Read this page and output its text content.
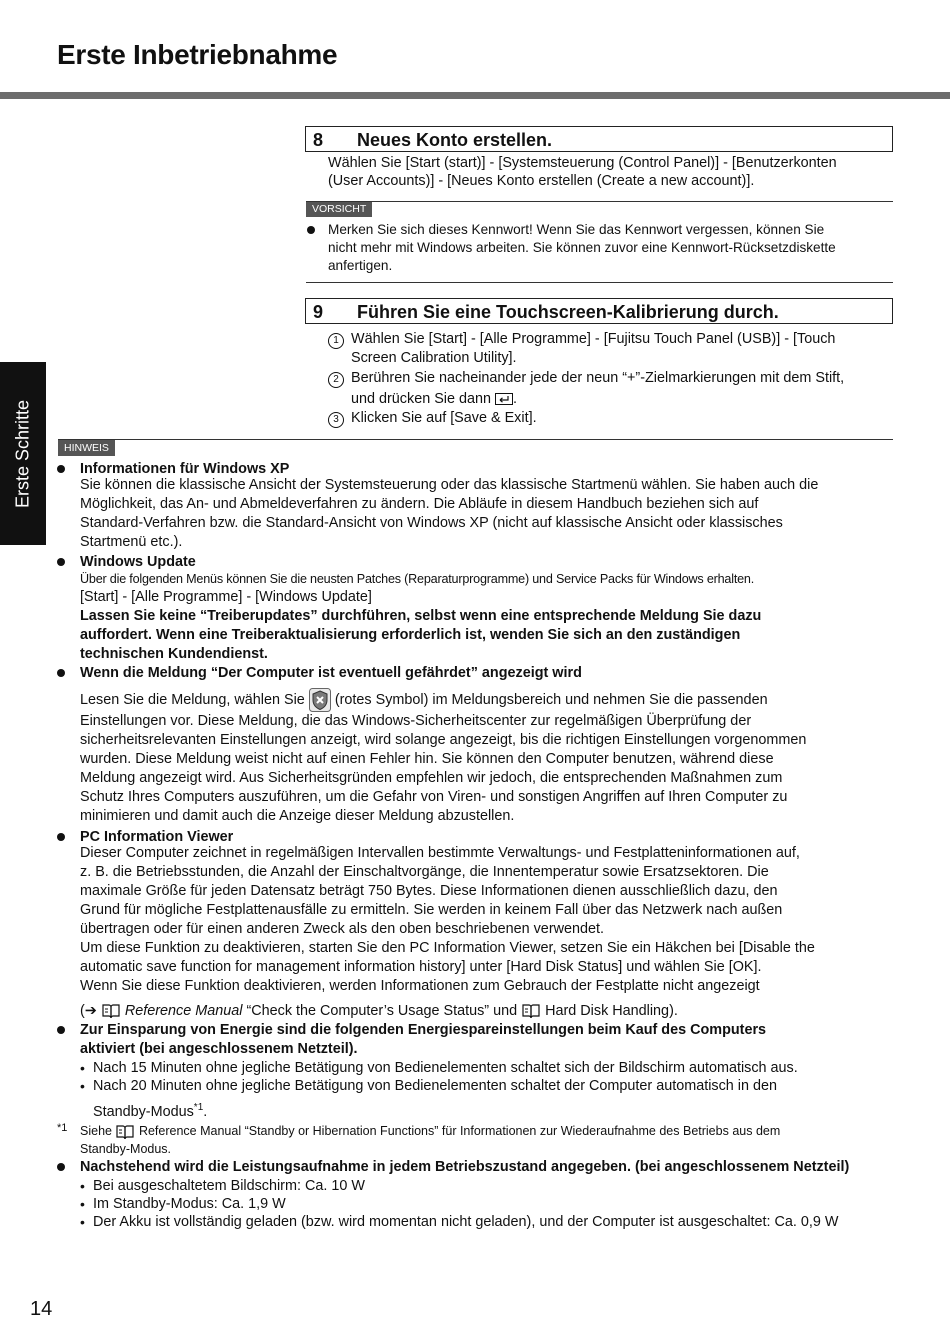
Erste Inbetriebnahme
Erste Schritte
8 Neues Konto erstellen.
Wählen Sie [Start (start)] - [Systemsteuerung (Control Panel)] - [Benutzerkonten
(User Accounts)] - [Neues Konto erstellen (Create a new account)].
VORSICHT
Merken Sie sich dieses Kennwort! Wenn Sie das Kennwort vergessen, können Sie
nicht mehr mit Windows arbeiten. Sie können zuvor eine Kennwort-Rücksetzdiskette
anfertigen.
9 Führen Sie eine Touchscreen-Kalibrierung durch.
1 Wählen Sie [Start] - [Alle Programme] - [Fujitsu Touch Panel (USB)] - [Touch
Screen Calibration Utility].
2 Berühren Sie nacheinander jede der neun “+”-Zielmarkierungen mit dem Stift,
und drücken Sie dann .
3 Klicken Sie auf [Save & Exit].
HINWEIS
Informationen für Windows XP
Sie können die klassische Ansicht der Systemsteuerung oder das klassische Startmenü wählen. Sie haben auch die
Möglichkeit, das An- und Abmeldeverfahren zu ändern. Die Abläufe in diesem Handbuch beziehen sich auf
Standard-Verfahren bzw. die Standard-Ansicht von Windows XP (nicht auf klassische Ansicht oder klassisches
Startmenü etc.).
Windows Update
Über die folgenden Menüs können Sie die neusten Patches (Reparaturprogramme) und Service Packs für Windows erhalten.
[Start] - [Alle Programme] - [Windows Update]
Lassen Sie keine “Treiberupdates” durchführen, selbst wenn eine entsprechende Meldung Sie dazu
auffordert. Wenn eine Treiberaktualisierung erforderlich ist, wenden Sie sich an den zuständigen
technischen Kundendienst.
Wenn die Meldung “Der Computer ist eventuell gefährdet” angezeigt wird
Lesen Sie die Meldung, wählen Sie (rotes Symbol) im Meldungsbereich und nehmen Sie die passenden
Einstellungen vor. Diese Meldung, die das Windows-Sicherheitscenter zur regelmäßigen Überprüfung der
sicherheitsrelevanten Einstellungen anzeigt, wird solange angezeigt, bis die richtigen Einstellungen vorgenommen
wurden. Diese Meldung weist nicht auf einen Fehler hin. Sie können den Computer benutzen, während diese
Meldung angezeigt wird. Aus Sicherheitsgründen empfehlen wir jedoch, die entsprechenden Maßnahmen zum
Schutz Ihres Computers auszuführen, um die Gefahr von Viren- und sonstigen Angriffen auf Ihren Computer zu
minimieren und damit auch die Anzeige dieser Meldung abzustellen.
PC Information Viewer
Dieser Computer zeichnet in regelmäßigen Intervallen bestimmte Verwaltungs- und Festplatteninformationen auf,
z. B. die Betriebsstunden, die Anzahl der Einschaltvorgänge, die Innentemperatur sowie Ersatzsektoren. Die
maximale Größe für jeden Datensatz beträgt 750 Bytes. Diese Informationen dienen ausschließlich dazu, den
Grund für mögliche Festplattenausfälle zu ermitteln. Sie werden in keinem Fall über das Netzwerk nach außen
übertragen oder für einen anderen Zweck als den oben beschriebenen verwendet.
Um diese Funktion zu deaktivieren, starten Sie den PC Information Viewer, setzen Sie ein Häkchen bei [Disable the
automatic save function for management information history] unter [Hard Disk Status] und wählen Sie [OK].
Wenn Sie diese Funktion deaktivieren, werden Informationen zum Gebrauch der Festplatte nicht angezeigt
(➔ Reference Manual “Check the Computer’s Usage Status” und Hard Disk Handling).
Zur Einsparung von Energie sind die folgenden Energiespareinstellungen beim Kauf des Computers
aktiviert (bei angeschlossenem Netzteil).
• Nach 15 Minuten ohne jegliche Betätigung von Bedienelementen schaltet sich der Bildschirm automatisch aus.
• Nach 20 Minuten ohne jegliche Betätigung von Bedienelementen schaltet der Computer automatisch in den
Standby-Modus$^{*1}$.
*1 Siehe Reference Manual “Standby or Hibernation Functions” für Informationen zur Wiederaufnahme des Betriebs aus dem
Standby-Modus.
Nachstehend wird die Leistungsaufnahme in jedem Betriebszustand angegeben. (bei angeschlossenem Netzteil)
• Bei ausgeschaltetem Bildschirm: Ca. 10 W
• Im Standby-Modus: Ca. 1,9 W
• Der Akku ist vollständig geladen (bzw. wird momentan nicht geladen), und der Computer ist ausgeschaltet: Ca. 0,9 W
14
